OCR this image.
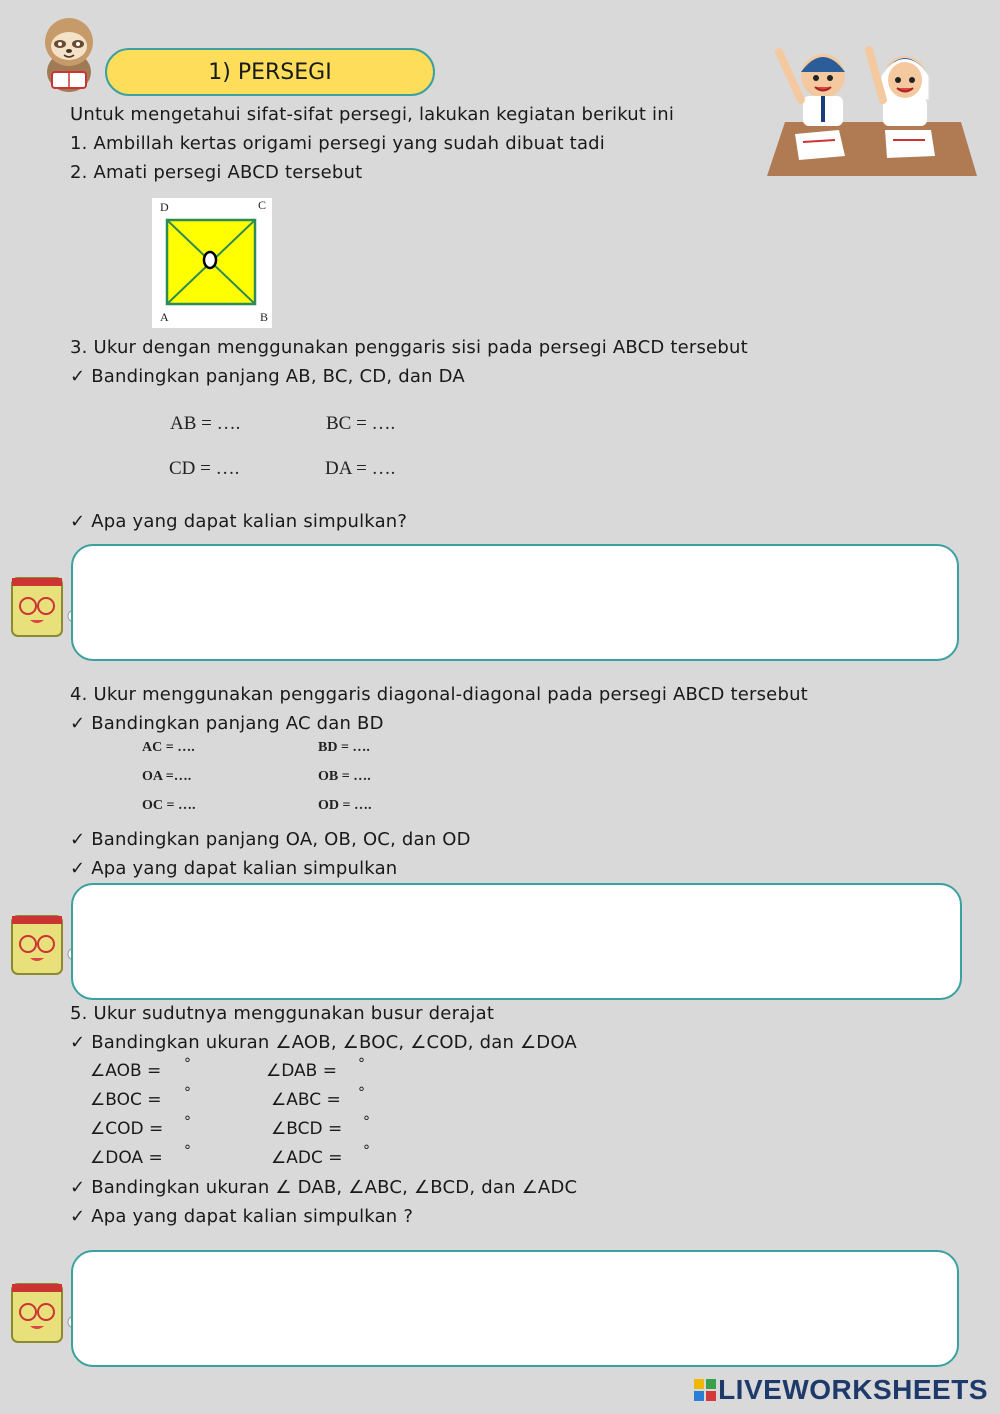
1) PERSEGI
Untuk mengetahui sifat-sifat persegi, lakukan kegiatan berikut ini
1. Ambillah kertas origami persegi yang sudah dibuat tadi
2. Amati persegi ABCD tersebut
D	C
A	B
3. Ukur dengan menggunakan penggaris sisi pada persegi ABCD tersebut
✓ Bandingkan panjang AB, BC, CD, dan DA
AB = ….	BC = ….
CD = ….	DA = ….
✓ Apa yang dapat kalian simpulkan?
4. Ukur menggunakan penggaris diagonal-diagonal pada persegi ABCD tersebut
✓ Bandingkan panjang AC dan BD
AC = ….	BD = ….
OA =….	OB = ….
OC = ….	OD = ….
✓ Bandingkan panjang OA, OB, OC, dan OD
✓ Apa yang dapat kalian simpulkan
5. Ukur sudutnya menggunakan busur derajat
✓ Bandingkan ukuran ∠AOB, ∠BOC, ∠COD, dan ∠DOA
∠AOB = °	∠DAB = °
∠BOC = °	∠ABC = °
∠COD = °	∠BCD = °
∠DOA = °	∠ADC = °
✓ Bandingkan ukuran ∠ DAB, ∠ABC, ∠BCD, dan ∠ADC
✓ Apa yang dapat kalian simpulkan ?
LIVEWORKSHEETS
